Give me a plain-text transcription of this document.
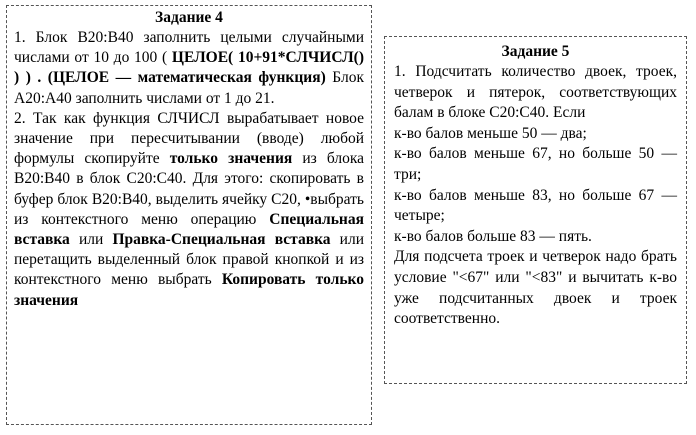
Задание 4

1. Блок В20:В40 заполнить целыми случайными числами от 10 до 100 ( ЦЕЛОЕ( 10+91*СЛЧИСЛ() ) ) . (ЦЕЛОЕ — математическая функция) Блок А20:А40 заполнить числами от 1 до 21.

2. Так как функция СЛЧИСЛ вырабатывает новое значение при пересчитывании (вводе) любой формулы скопируйте только значения из блока В20:В40 в блок С20:С40. Для этого: скопировать в буфер блок В20:В40, выделить ячейку С20, •выбрать из контекстного меню операцию Специальная вставка или Правка-Специальная вставка или перетащить выделенный блок правой кнопкой и из контекстного меню выбрать Копировать только значения

Задание 5

1. Подсчитать количество двоек, троек, четверок и пятерок, соответствующих балам в блоке С20:С40. Если

к-во балов меньше 50 — два;

к-во балов меньше 67, но больше 50 — три;

к-во балов меньше 83, но больше 67 — четыре;

к-во балов больше 83 — пять.

Для подсчета троек и четверок надо брать условие "<67" или "<83" и вычитать к-во уже подсчитанных двоек и троек соответственно.
